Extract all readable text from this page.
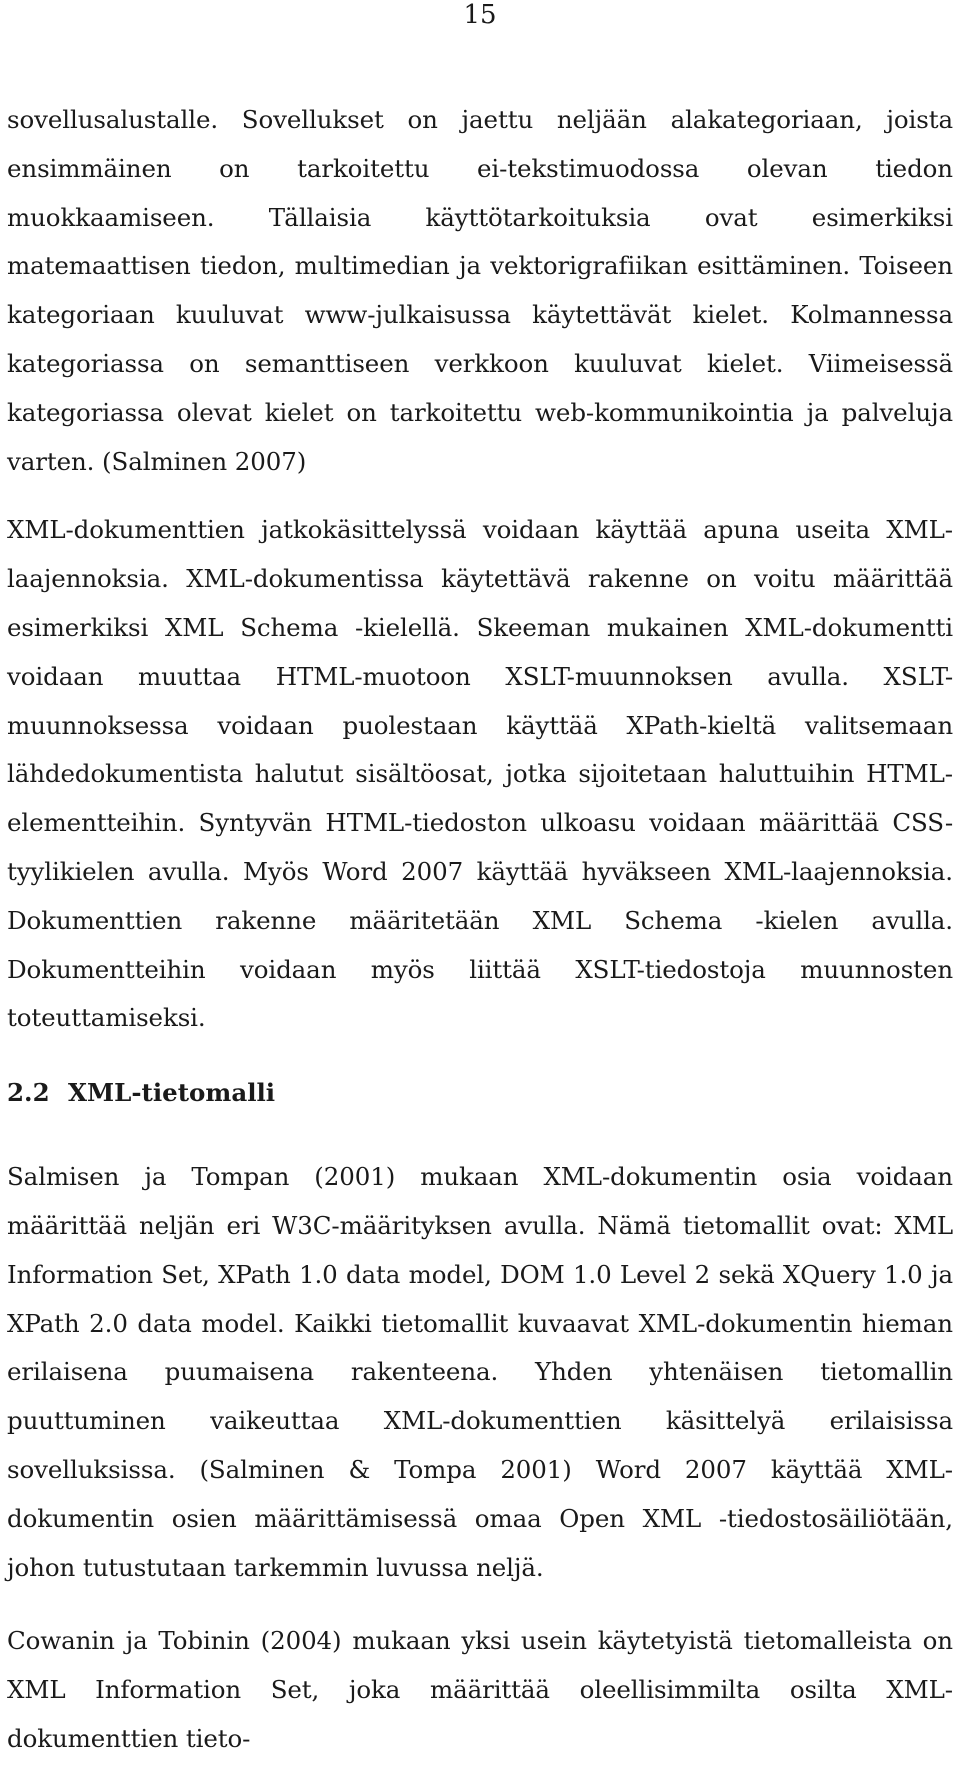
15

sovellusalustalle. Sovellukset on jaettu neljään alakategoriaan, joista ensimmäinen on tarkoitettu ei-tekstimuodossa olevan tiedon muokkaamiseen. Tällaisia käyttötarkoituksia ovat esimerkiksi matemaattisen tiedon, multimedian ja vektorigrafiikan esittäminen. Toiseen kategoriaan kuuluvat www-julkaisussa käytettävät kielet. Kolmannessa kategoriassa on semanttiseen verkkoon kuuluvat kielet. Viimeisessä kategoriassa olevat kielet on tarkoitettu web-kommunikointia ja palveluja varten. (Salminen 2007)

XML-dokumenttien jatkokäsittelyssä voidaan käyttää apuna useita XML-laajennoksia. XML-dokumentissa käytettävä rakenne on voitu määrittää esimerkiksi XML Schema -kielellä. Skeeman mukainen XML-dokumentti voidaan muuttaa HTML-muotoon XSLT-muunnoksen avulla. XSLT-muunnoksessa voidaan puolestaan käyttää XPath-kieltä valitsemaan lähdedokumentista halutut sisältöosat, jotka sijoitetaan haluttuihin HTML-elementteihin. Syntyvän HTML-tiedoston ulkoasu voidaan määrittää CSS-tyylikielen avulla. Myös Word 2007 käyttää hyväkseen XML-laajennoksia. Dokumenttien rakenne määritetään XML Schema -kielen avulla. Dokumentteihin voidaan myös liittää XSLT-tiedostoja muunnosten toteuttamiseksi.

2.2 XML-tietomalli

Salmisen ja Tompan (2001) mukaan XML-dokumentin osia voidaan määrittää neljän eri W3C-määrityksen avulla. Nämä tietomallit ovat: XML Information Set, XPath 1.0 data model, DOM 1.0 Level 2 sekä XQuery 1.0 ja XPath 2.0 data model. Kaikki tietomallit kuvaavat XML-dokumentin hieman erilaisena puumaisena rakenteena. Yhden yhtenäisen tietomallin puuttuminen vaikeuttaa XML-dokumenttien käsittelyä erilaisissa sovelluksissa. (Salminen & Tompa 2001) Word 2007 käyttää XML-dokumentin osien määrittämisessä omaa Open XML -tiedostosäiliötään, johon tutustutaan tarkemmin luvussa neljä.

Cowanin ja Tobinin (2004) mukaan yksi usein käytetyistä tietomalleista on XML Information Set, joka määrittää oleellisimmilta osilta XML-dokumenttien tieto-
